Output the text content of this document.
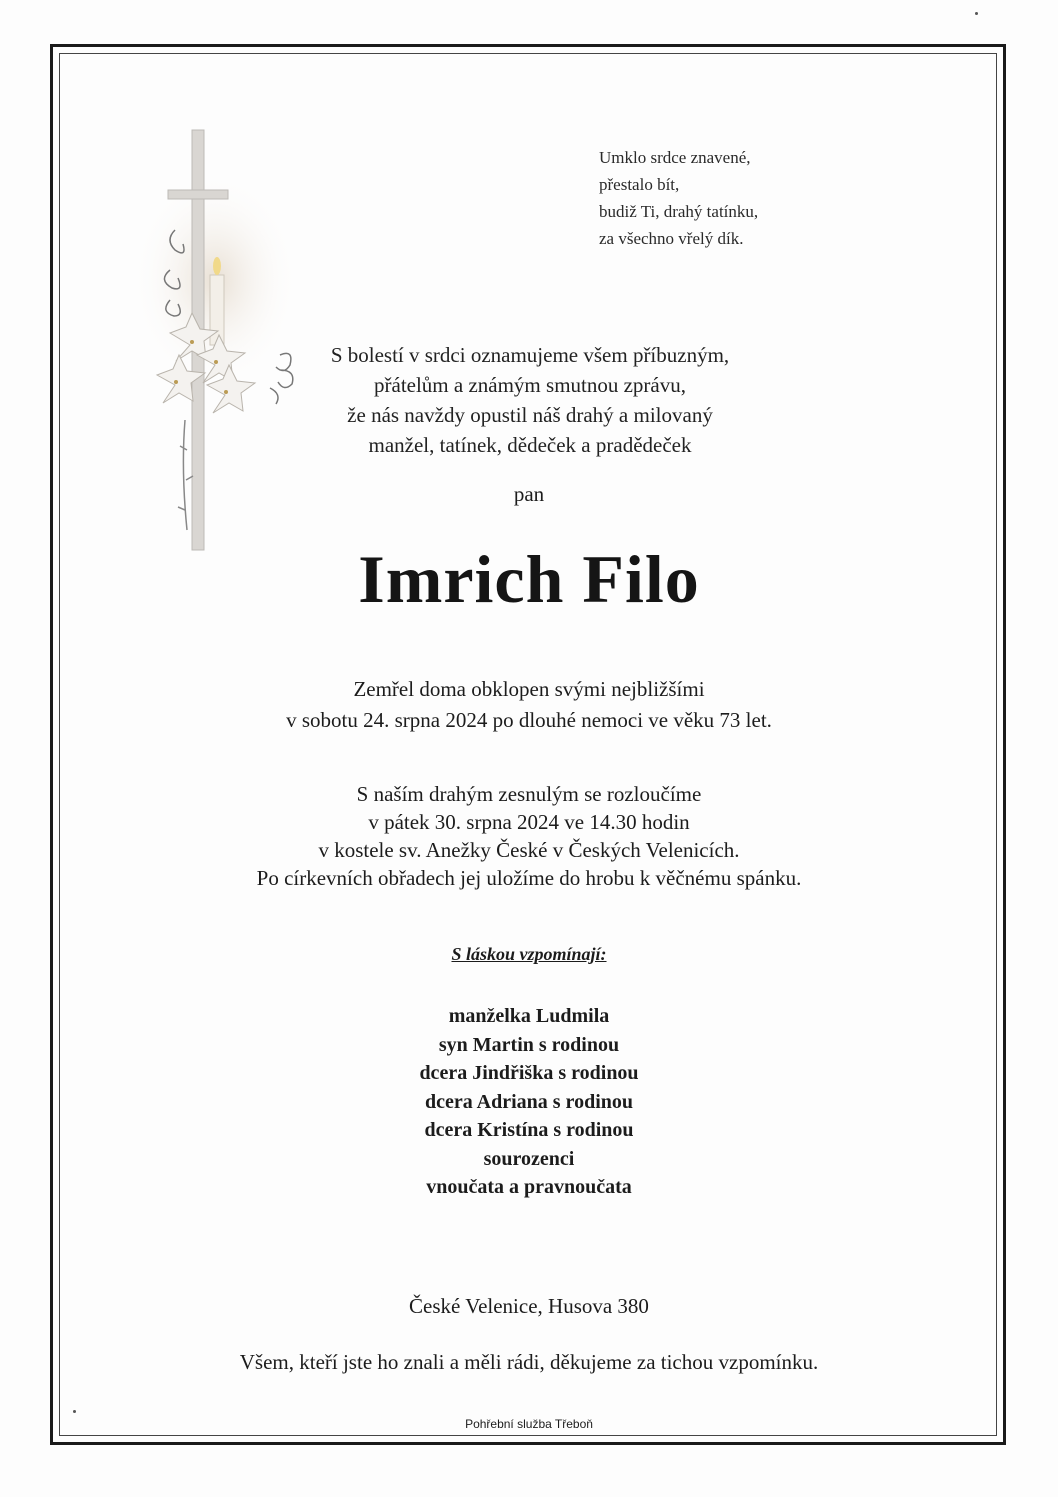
Umklo srdce znavené,
přestalo bít,
budiž Ti, drahý tatínku,
za všechno vřelý dík.
S bolestí v srdci oznamujeme všem příbuzným,
přátelům a známým smutnou zprávu,
že nás navždy opustil náš drahý a milovaný
manžel, tatínek, dědeček a pradědeček
pan
Imrich Filo
Zemřel doma obklopen svými nejbližšími
v sobotu 24. srpna 2024 po dlouhé nemoci ve věku 73 let.
S naším drahým zesnulým se rozloučíme
v pátek 30. srpna 2024 ve 14.30 hodin
v kostele sv. Anežky České v Českých Velenicích.
Po církevních obřadech jej uložíme do hrobu k věčnému spánku.
S láskou vzpomínají:
manželka Ludmila
syn Martin s rodinou
dcera Jindřiška s rodinou
dcera Adriana s rodinou
dcera Kristína s rodinou
sourozenci
vnoučata a pravnoučata
České Velenice, Husova 380
Všem, kteří jste ho znali a měli rádi, děkujeme za tichou vzpomínku.
Pohřební služba Třeboň
